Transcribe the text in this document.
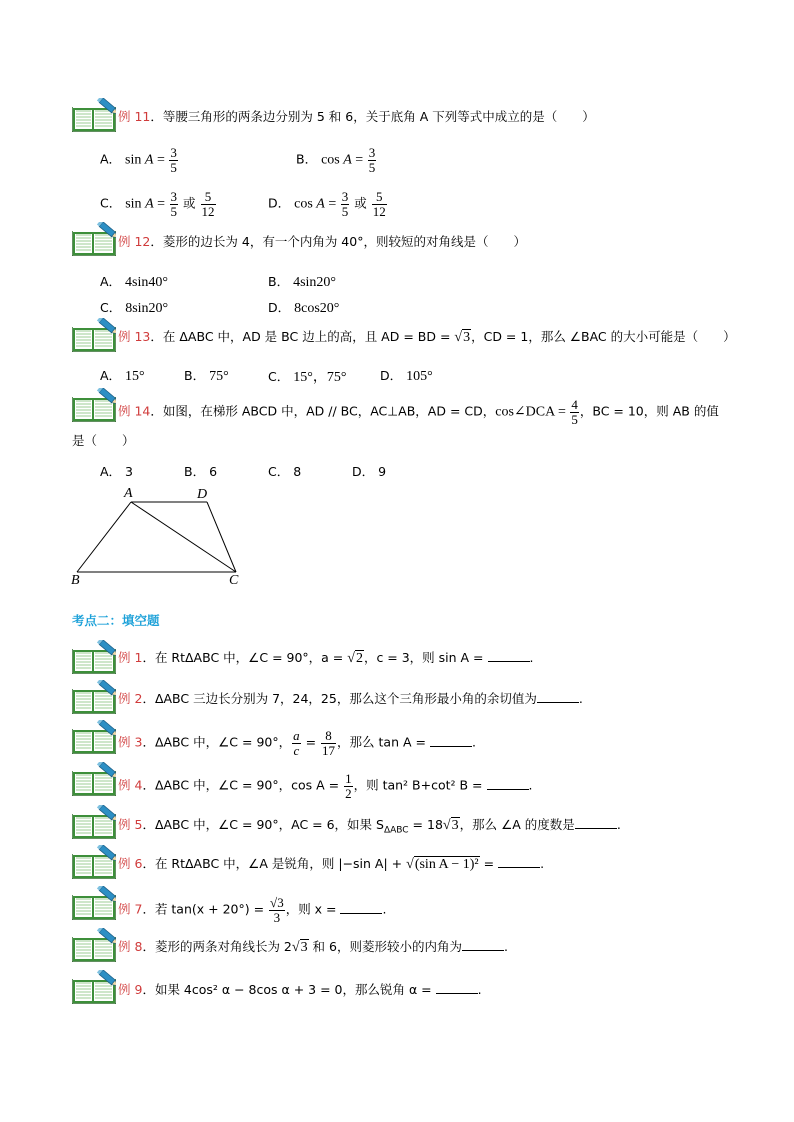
例 11．等腰三角形的两条边分别为 5 和 6，关于底角 A 下列等式中成立的是（　　）
A． $\sin A = \frac{3}{5}$	B． $\cos A = \frac{3}{5}$
C． $\sin A = \frac{3}{5}$ 或 $\frac{5}{12}$	D． $\cos A = \frac{3}{5}$ 或 $\frac{5}{12}$
例 12．菱形的边长为 4，有一个内角为 40°，则较短的对角线是（　　）
A． 4sin40°	B． 4sin20°
C． 8sin20°	D． 8cos20°
例 13．在 ΔABC 中，AD 是 BC 边上的高，且 AD = BD = √3，CD = 1，那么 ∠BAC 的大小可能是（　　）
A． 15°	B． 75°	C． 15°，75°	D． 105°
例 14．如图，在梯形 ABCD 中，AD // BC，AC⊥AB，AD = CD，cos∠DCA = $\frac{4}{5}$ ，BC = 10，则 AB 的值
是（　　）
A． 3	B． 6	C． 8	D． 9
A	D
B	C
考点二：填空题
例 1．在 RtΔABC 中，∠C = 90°，a = √2，c = 3，则 sin A =	.
例 2．ΔABC 三边长分别为 7，24，25，那么这个三角形最小角的余切值为	.
例 3．ΔABC 中，∠C = 90°， $\frac{a}{c} = \frac{8}{17}$ ，那么 tan A =	.
例 4．ΔABC 中，∠C = 90°，$\cos A = \frac{1}{2}$ ，则 tan² B+cot² B =	.
例 5．ΔABC 中，∠C = 90°，AC = 6，如果 $S_{\Delta ABC} = 18√3$，那么 ∠A 的度数是	.
例 6．在 RtΔABC 中，∠A 是锐角，则 |−sin A| + √(sin A − 1)² =	.
例 7．若 $\tan(x + 20^\circ) = \frac{√3}{3}$ ，则 x =	.
例 8．菱形的两条对角线长为 2√3 和 6，则菱形较小的内角为	.
例 9．如果 4cos² α − 8cos α + 3 = 0，那么锐角 α =	.
